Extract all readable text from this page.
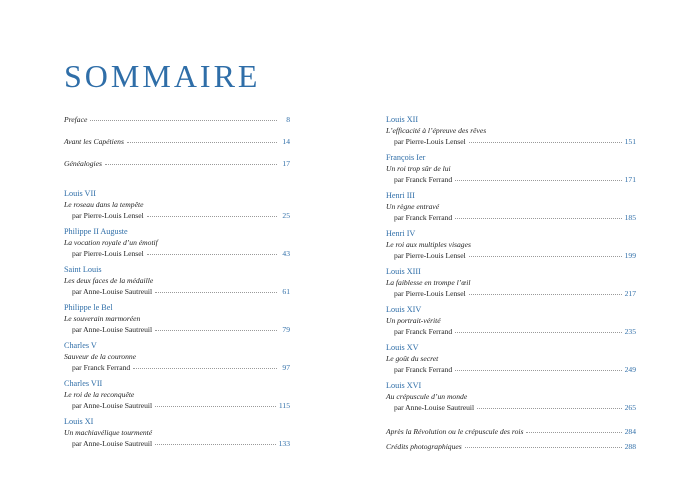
SOMMAIRE
Preface	8
Avant les Capétiens	14
Généalogies	17
Louis VII
Le roseau dans la tempête
par Pierre-Louis Lensel	25
Philippe II Auguste
La vocation royale d’un émotif
par Pierre-Louis Lensel	43
Saint Louis
Les deux faces de la médaille
par Anne-Louise Sautreuil	61
Philippe le Bel
Le souverain marmoréen
par Anne-Louise Sautreuil	79
Charles V
Sauveur de la couronne
par Franck Ferrand	97
Charles VII
Le roi de la reconquête
par Anne-Louise Sautreuil	115
Louis XI
Un machiavélique tourmenté
par Anne-Louise Sautreuil	133
Louis XII
L’efficacité à l’épreuve des rêves
par Pierre-Louis Lensel	151
François Ier
Un roi trop sûr de lui
par Franck Ferrand	171
Henri III
Un règne entravé
par Franck Ferrand	185
Henri IV
Le roi aux multiples visages
par Pierre-Louis Lensel	199
Louis XIII
La faiblesse en trompe l’œil
par Pierre-Louis Lensel	217
Louis XIV
Un portrait-vérité
par Franck Ferrand	235
Louis XV
Le goût du secret
par Franck Ferrand	249
Louis XVI
Au crépuscule d’un monde
par Anne-Louise Sautreuil	265
Après la Révolution ou le crépuscule des rois	284
Crédits photographiques	288
